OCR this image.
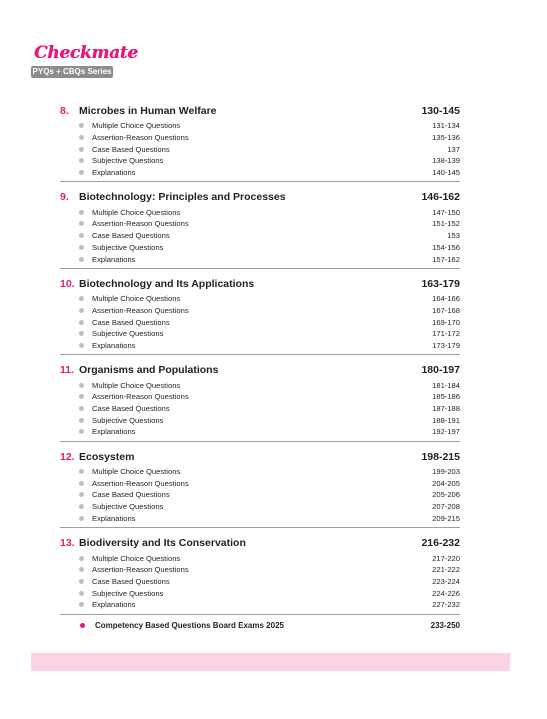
Checkmate
PYQs + CBQs Series
8. Microbes in Human Welfare	130-145
Multiple Choice Questions	131-134
Assertion-Reason Questions	135-136
Case Based Questions	137
Subjective Questions	138-139
Explanations	140-145
9. Biotechnology: Principles and Processes	146-162
Multiple Choice Questions	147-150
Assertion-Reason Questions	151-152
Case Based Questions	153
Subjective Questions	154-156
Explanations	157-162
10. Biotechnology and Its Applications	163-179
Multiple Choice Questions	164-166
Assertion-Reason Questions	167-168
Case Based Questions	169-170
Subjective Questions	171-172
Explanations	173-179
11. Organisms and Populations	180-197
Multiple Choice Questions	181-184
Assertion-Reason Questions	185-186
Case Based Questions	187-188
Subjective Questions	188-191
Explanations	192-197
12. Ecosystem	198-215
Multiple Choice Questions	199-203
Assertion-Reason Questions	204-205
Case Based Questions	205-206
Subjective Questions	207-208
Explanations	209-215
13. Biodiversity and Its Conservation	216-232
Multiple Choice Questions	217-220
Assertion-Reason Questions	221-222
Case Based Questions	223-224
Subjective Questions	224-226
Explanations	227-232
Competency Based Questions Board Exams 2025	233-250
